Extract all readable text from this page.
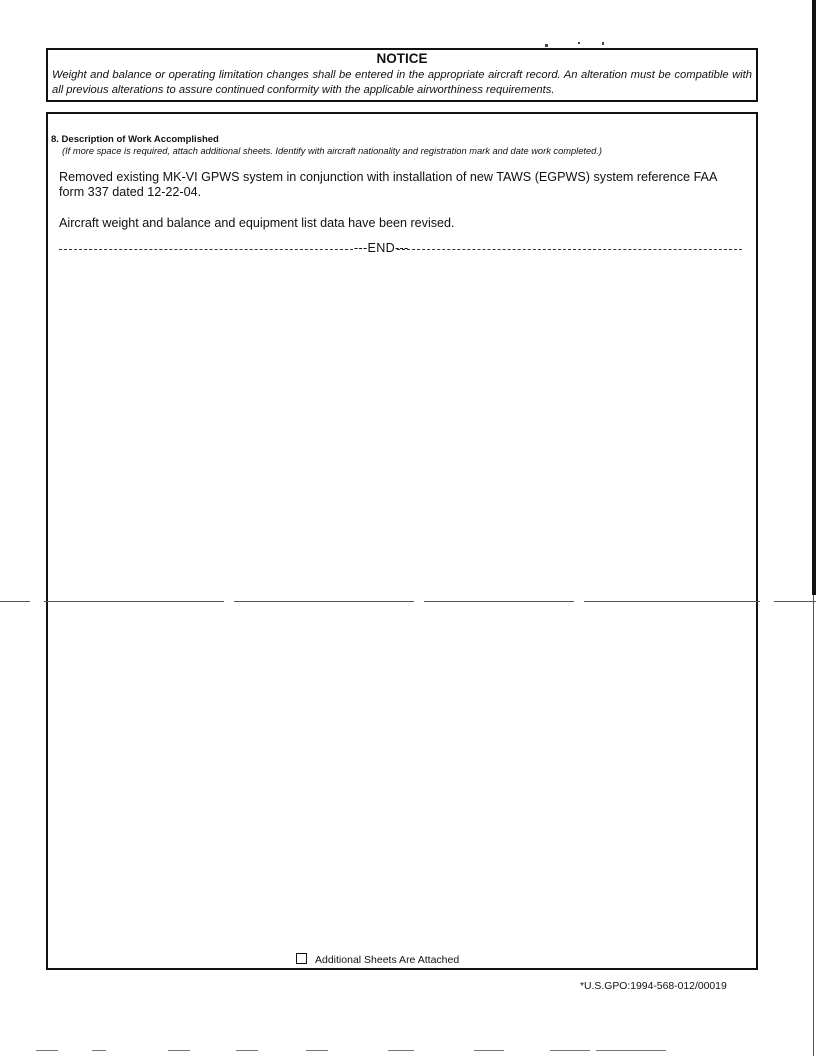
NOTICE
Weight and balance or operating limitation changes shall be entered in the appropriate aircraft record. An alteration must be compatible with all previous alterations to assure continued conformity with the applicable airworthiness requirements.
8. Description of Work Accomplished
(If more space is required, attach additional sheets. Identify with aircraft nationality and registration mark and date work completed.)
Removed existing MK-VI GPWS system in conjunction with installation of new TAWS (EGPWS) system reference FAA form 337 dated 12-22-04.
Aircraft weight and balance and equipment list data have been revised.
---END---
Additional Sheets Are Attached
*U.S.GPO:1994-568-012/00019
